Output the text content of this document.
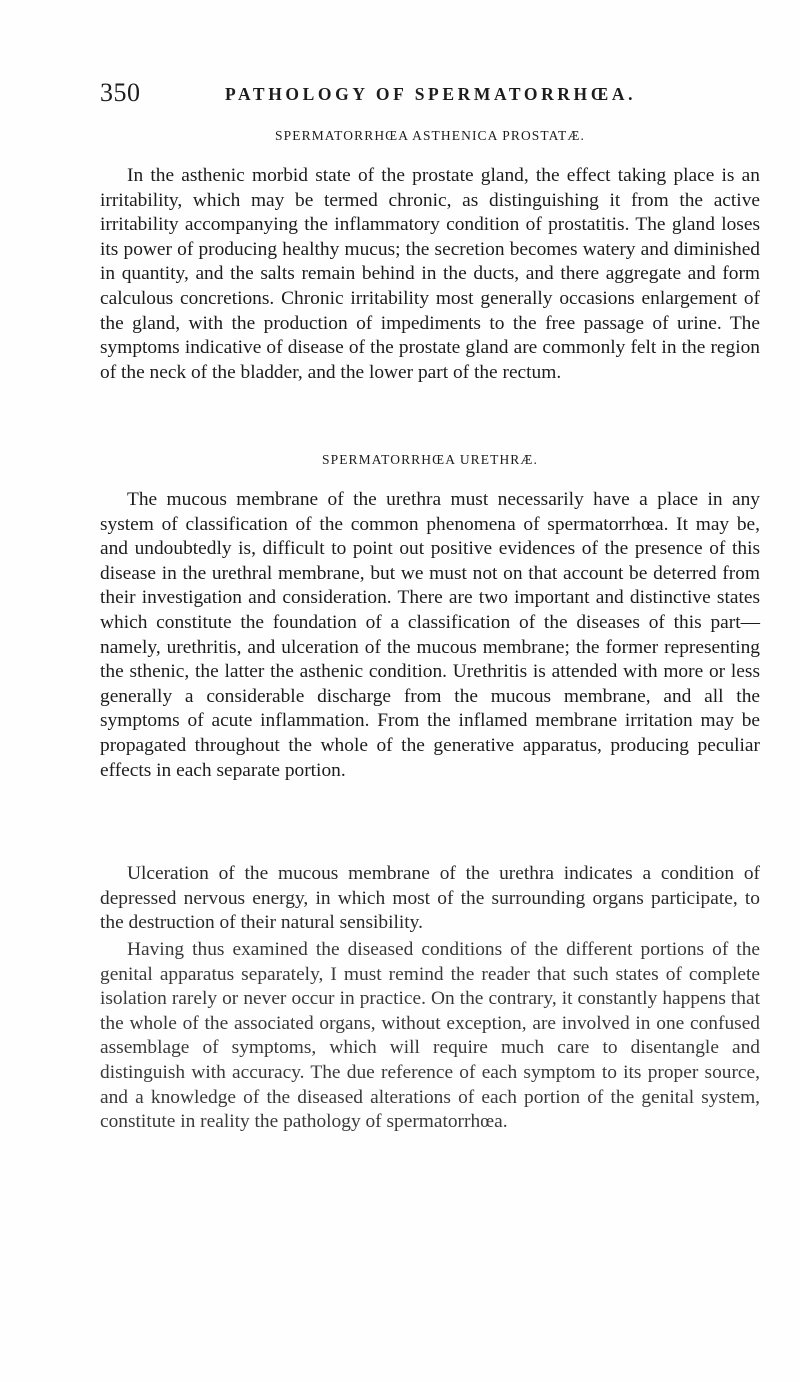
350	PATHOLOGY OF SPERMATORRHŒA.
SPERMATORRHŒA ASTHENICA PROSTATÆ.

In the asthenic morbid state of the prostate gland, the effect taking place is an irritability, which may be termed chronic, as distinguishing it from the active irritability accompanying the inflammatory condition of prostatitis. The gland loses its power of producing healthy mucus; the secretion becomes watery and diminished in quantity, and the salts remain behind in the ducts, and there aggregate and form calculous concretions. Chronic irritability most generally occasions enlargement of the gland, with the production of impediments to the free passage of urine. The symptoms indicative of disease of the prostate gland are commonly felt in the region of the neck of the bladder, and the lower part of the rectum.

SPERMATORRHŒA URETHRÆ.

The mucous membrane of the urethra must necessarily have a place in any system of classification of the common phenomena of spermatorrhœa. It may be, and undoubtedly is, difficult to point out positive evidences of the presence of this disease in the urethral membrane, but we must not on that account be deterred from their investigation and consideration. There are two important and distinctive states which constitute the foundation of a classification of the diseases of this part—namely, urethritis, and ulceration of the mucous membrane; the former representing the sthenic, the latter the asthenic condition. Urethritis is attended with more or less generally a considerable discharge from the mucous membrane, and all the symptoms of acute inflammation. From the inflamed membrane irritation may be propagated throughout the whole of the generative apparatus, producing peculiar effects in each separate portion.

Ulceration of the mucous membrane of the urethra indicates a condition of depressed nervous energy, in which most of the surrounding organs participate, to the destruction of their natural sensibility.

Having thus examined the diseased conditions of the different portions of the genital apparatus separately, I must remind the reader that such states of complete isolation rarely or never occur in practice. On the contrary, it constantly happens that the whole of the associated organs, without exception, are involved in one confused assemblage of symptoms, which will require much care to disentangle and distinguish with accuracy. The due reference of each symptom to its proper source, and a knowledge of the diseased alterations of each portion of the genital system, constitute in reality the pathology of spermatorrhœa.
